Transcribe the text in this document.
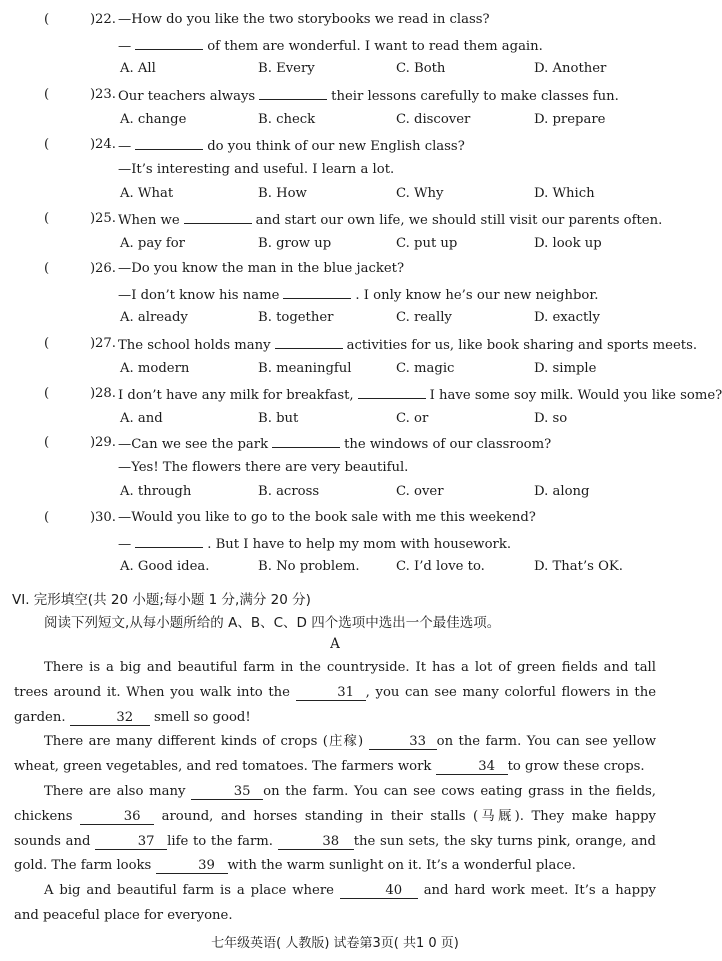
(	) 22. —How do you like the two storybooks we read in class?
—	of them are wonderful. I want to read them again.
A. All	B. Every	C. Both	D. Another
(	) 23. Our teachers always	their lessons carefully to make classes fun.
A. change	B. check	C. discover	D. prepare
(	) 24. —	do you think of our new English class?
—It’s interesting and useful. I learn a lot.
A. What	B. How	C. Why	D. Which
(	) 25. When we	and start our own life, we should still visit our parents often.
A. pay for	B. grow up	C. put up	D. look up
(	) 26. —Do you know the man in the blue jacket?
—I don’t know his name	. I only know he’s our new neighbor.
A. already	B. together	C. really	D. exactly
(	) 27. The school holds many	activities for us, like book sharing and sports meets.
A. modern	B. meaningful	C. magic	D. simple
(	) 28. I don’t have any milk for breakfast,	I have some soy milk. Would you like some?
A. and	B. but	C. or	D. so
(	) 29. —Can we see the park	the windows of our classroom?
—Yes! The flowers there are very beautiful.
A. through	B. across	C. over	D. along
(	) 30. —Would you like to go to the book sale with me this weekend?
—	. But I have to help my mom with housework.
A. Good idea.	B. No problem.	C. I’d love to.	D. That’s OK.
VI. 完形填空(共 20 小题;每小题 1 分,满分 20 分)
阅读下列短文,从每小题所给的 A、B、C、D 四个选项中选出一个最佳选项。
A

There is a big and beautiful farm in the countryside. It has a lot of green fields and tall trees around it. When you walk into the	31 , you can see many colorful flowers in the garden.	32 smell so good!

There are many different kinds of crops (庄稼)	33 on the farm. You can see yellow wheat, green vegetables, and red tomatoes. The farmers work	34 to grow these crops.

There are also many	35 on the farm. You can see cows eating grass in the fields, chickens	36 around, and horses standing in their stalls (马厩). They make happy sounds and	37 life to the farm.	38 the sun sets, the sky turns pink, orange, and gold. The farm looks	39 with the warm sunlight on it. It’s a wonderful place.

A big and beautiful farm is a place where	40 and hard work meet. It’s a happy and peaceful place for everyone.

七年级英语( 人教版) 试卷第3页( 共1 0 页)
